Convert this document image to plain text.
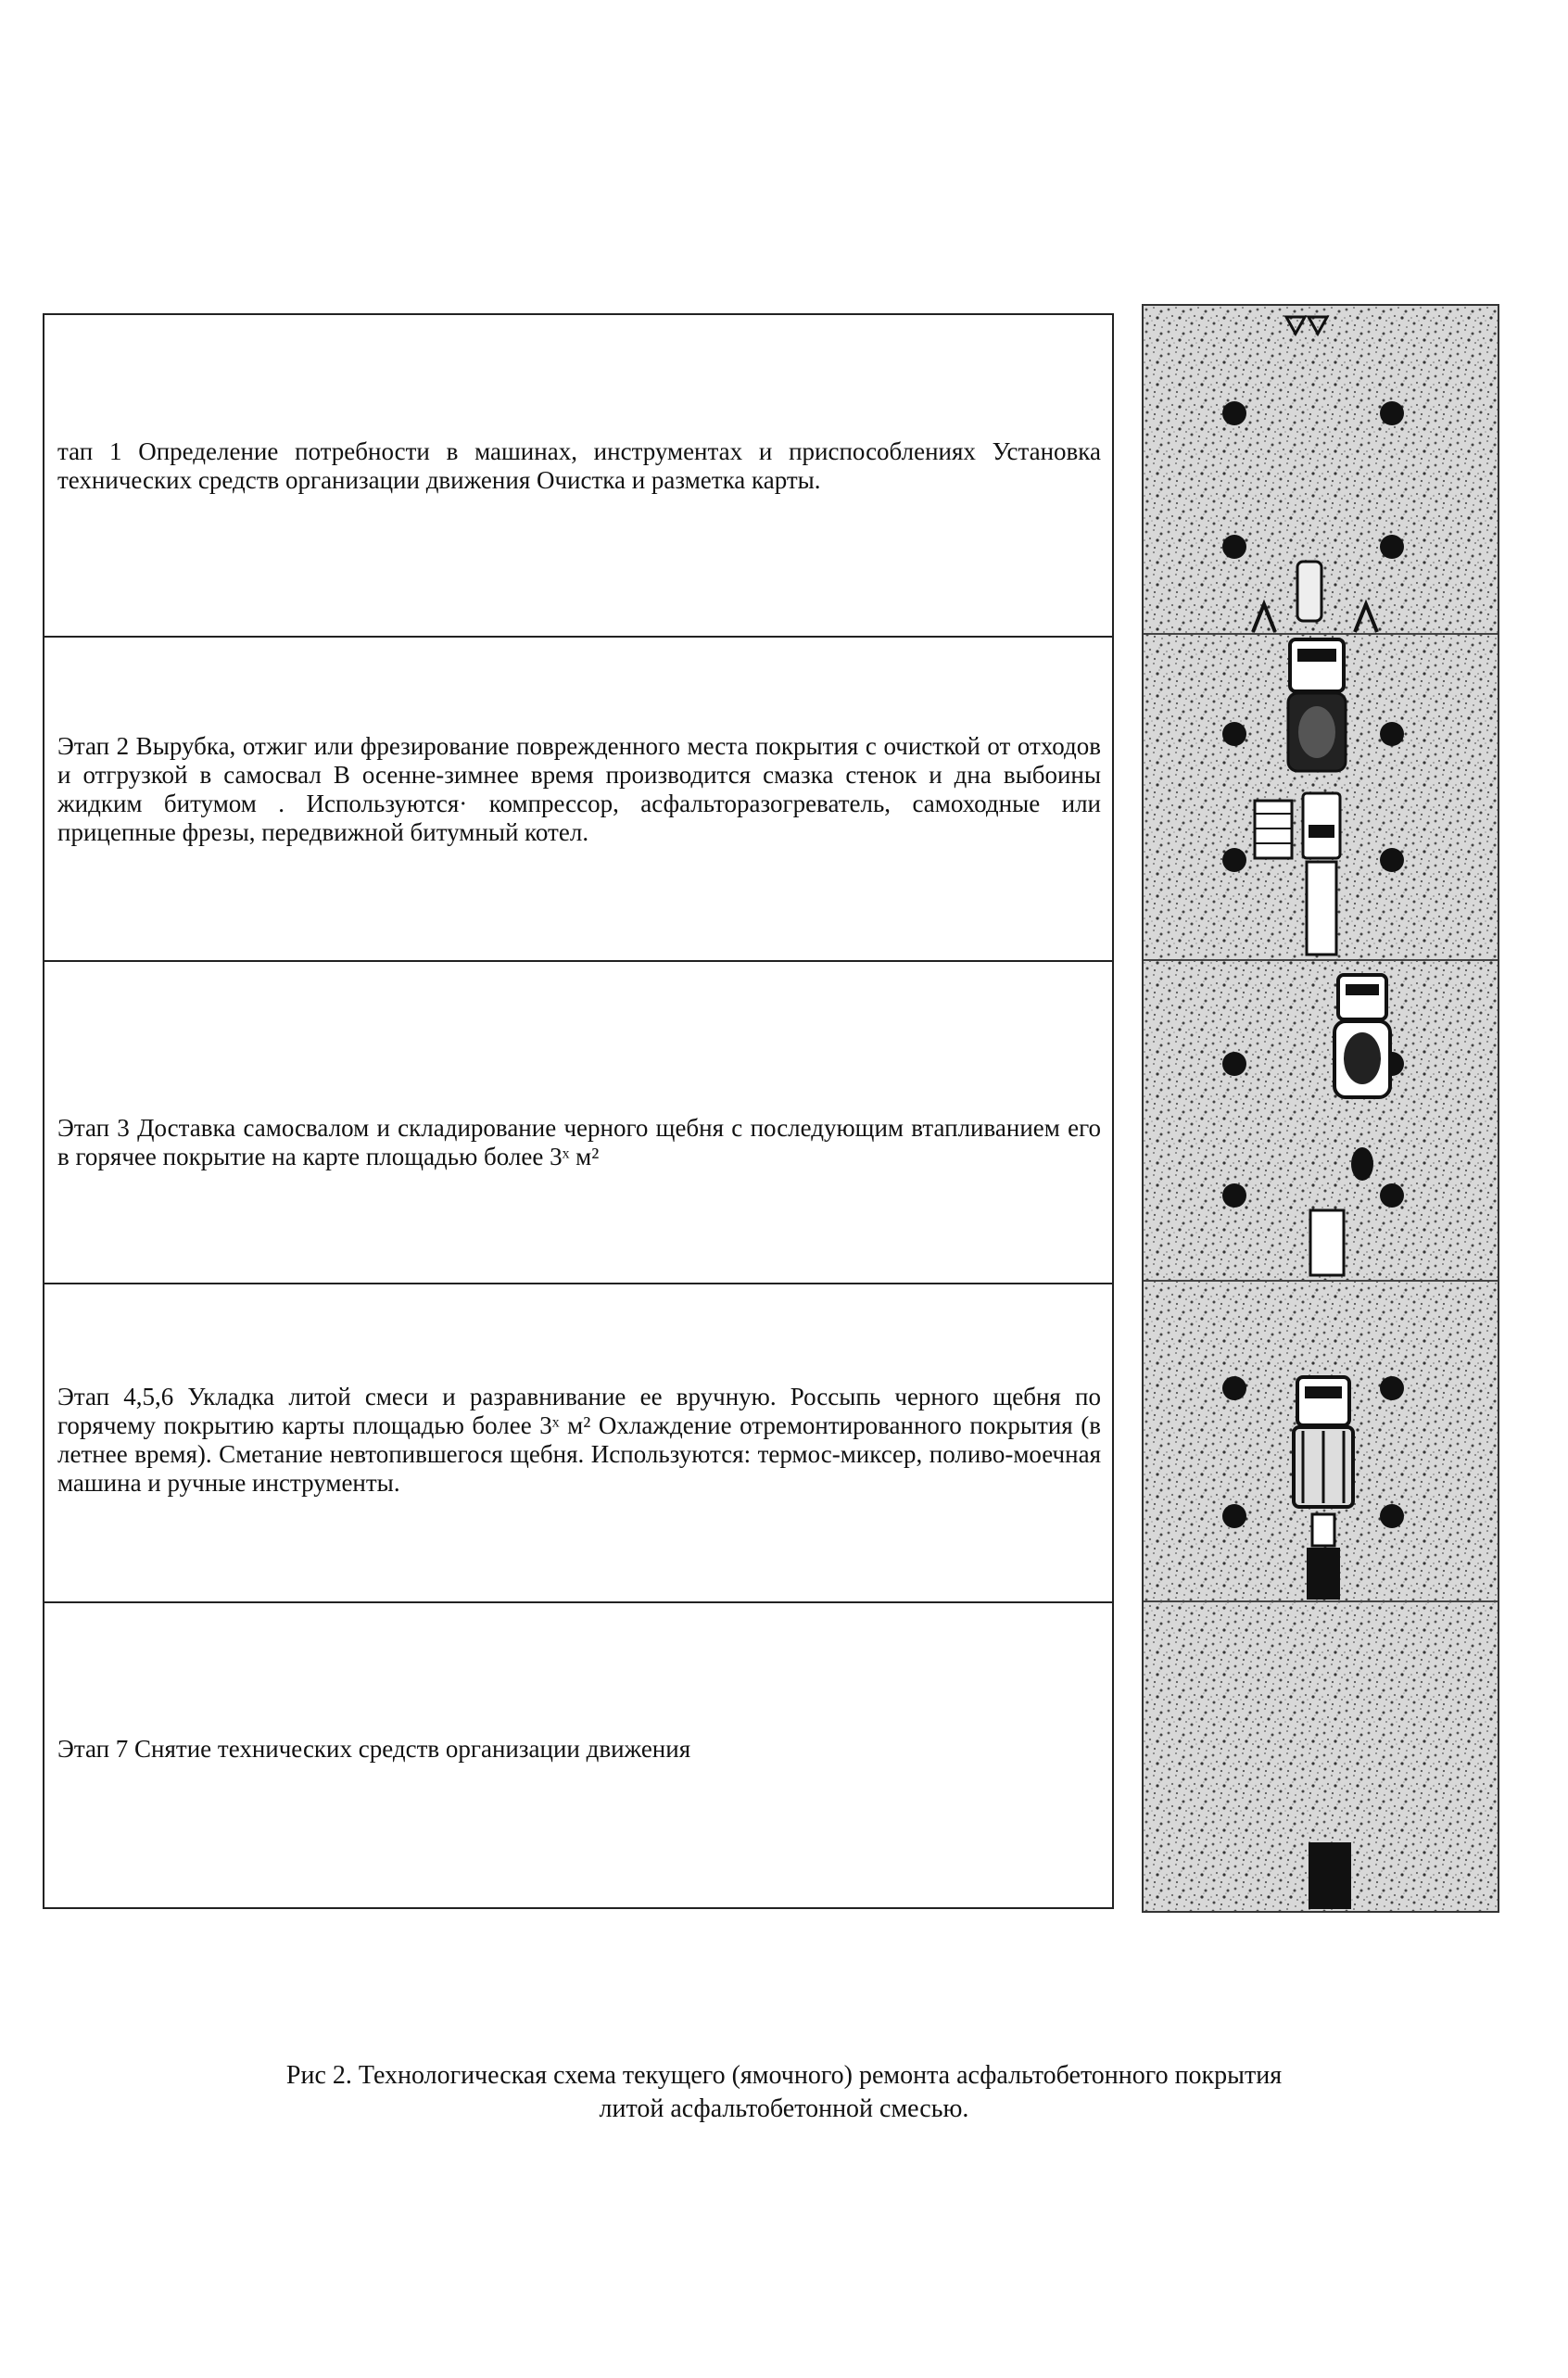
тап 1 Определение потребности в машинах, инструментах и приспособлениях Установка технических средств организации движения Очистка и разметка карты.
Этап 2 Вырубка, отжиг или фрезирование поврежденного места покрытия с очисткой от отходов и отгрузкой в самосвал В осенне-зимнее время производится смазка стенок и дна выбоины жидким битумом . Используются· компрессор, асфальторазогреватель, самоходные или прицепные фрезы, передвижной битумный котел.
Этап 3 Доставка самосвалом и складирование черного щебня с последующим втапливанием его в горячее покрытие на карте площадью более 3ˣ м²
Этап 4,5,6 Укладка литой смеси и разравнивание ее вручную. Россыпь черного щебня по горячему покрытию карты площадью более 3ˣ м² Охлаждение отремонтированного покрытия (в летнее время). Сметание невтопившегося щебня. Используются: термос-миксер, поливо-моечная машина и ручные инструменты.
Этап 7 Снятие технических средств организации движения
Рис 2. Технологическая схема текущего (ямочного) ремонта асфальтобетонного покрытия
литой асфальтобетонной смесью.
